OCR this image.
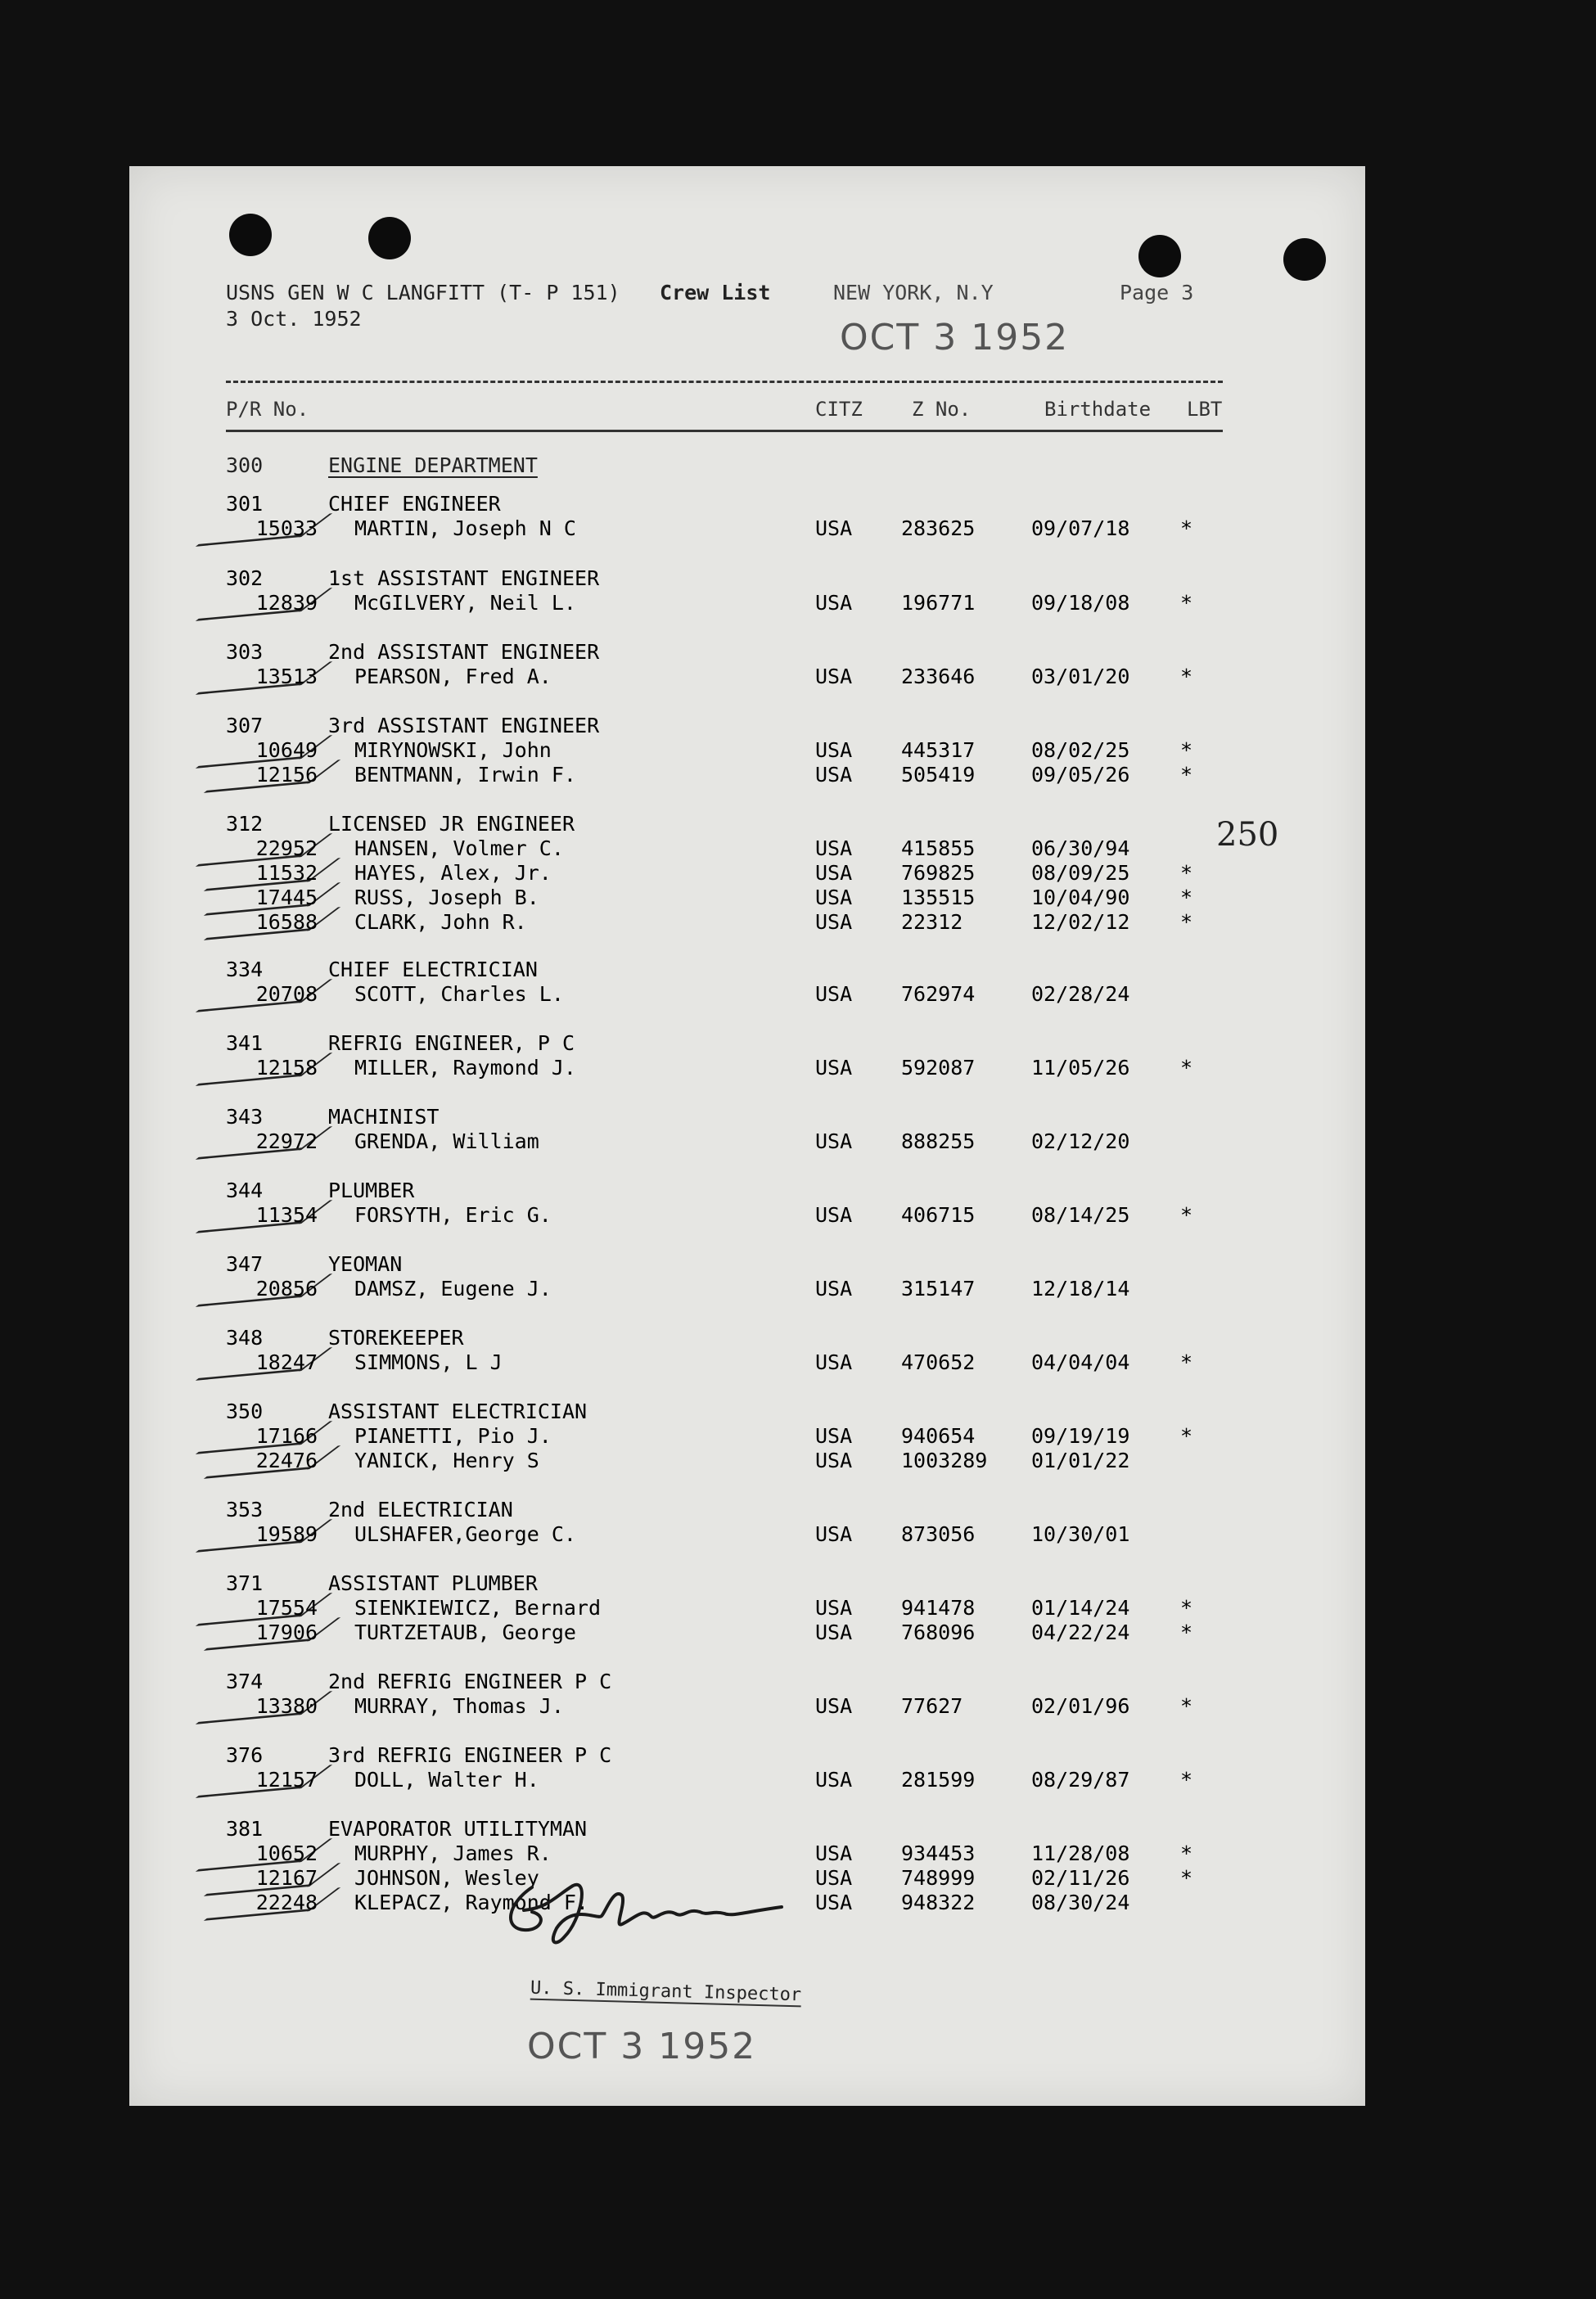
USNS GEN W C LANGFITT (T- P 151) Crew List	NEW YORK, N.Y	Page 3
3 Oct. 1952	OCT 3 1952
P/R No.	CITZ	Z No.	Birthdate LBT
300	ENGINE DEPARTMENT
301	CHIEF ENGINEER
15033 MARTIN, Joseph N C	USA 283625	09/07/18 *
302	1st ASSISTANT ENGINEER
12839 McGILVERY, Neil L.	USA 196771	09/18/08 *
303	2nd ASSISTANT ENGINEER
13513 PEARSON, Fred A.	USA 233646	03/01/20 *
307	3rd ASSISTANT ENGINEER
10649 MIRYNOWSKI, John	USA 445317	08/02/25 *
12156 BENTMANN, Irwin F.	USA 505419	09/05/26 *
312	LICENSED JR ENGINEER
22952 HANSEN, Volmer C.	USA 415855	06/30/94
11532 HAYES, Alex, Jr.	USA 769825	08/09/25 *
17445 RUSS, Joseph B.	USA 135515	10/04/90 *
16588 CLARK, John R.	USA 22312	12/02/12 *
334	CHIEF ELECTRICIAN
20708 SCOTT, Charles L.	USA 762974	02/28/24
341	REFRIG ENGINEER, P C
12158 MILLER, Raymond J.	USA 592087	11/05/26 *
343	MACHINIST
22972 GRENDA, William	USA 888255	02/12/20
344	PLUMBER
11354 FORSYTH, Eric G.	USA 406715	08/14/25 *
347	YEOMAN
20856 DAMSZ, Eugene J.	USA 315147	12/18/14
348	STOREKEEPER
18247 SIMMONS, L J	USA 470652	04/04/04 *
350	ASSISTANT ELECTRICIAN
17166 PIANETTI, Pio J.	USA 940654	09/19/19 *
22476 YANICK, Henry S	USA 1003289 01/01/22
353	2nd ELECTRICIAN
19589 ULSHAFER,George C.	USA 873056	10/30/01
371	ASSISTANT PLUMBER
17554 SIENKIEWICZ, Bernard	USA 941478	01/14/24 *
17906 TURTZETAUB, George	USA 768096	04/22/24 *
374	2nd REFRIG ENGINEER P C
13380 MURRAY, Thomas J.	USA 77627	02/01/96 *
376	3rd REFRIG ENGINEER P C
12157 DOLL, Walter H.	USA 281599	08/29/87 *
381	EVAPORATOR UTILITYMAN
10652 MURPHY, James R.	USA 934453	11/28/08 *
12167 JOHNSON, Wesley	USA 748999	02/11/26 *
22248 KLEPACZ, Raymond F.	USA 948322	08/30/24
250
U. S. Immigrant Inspector
OCT 3 1952
